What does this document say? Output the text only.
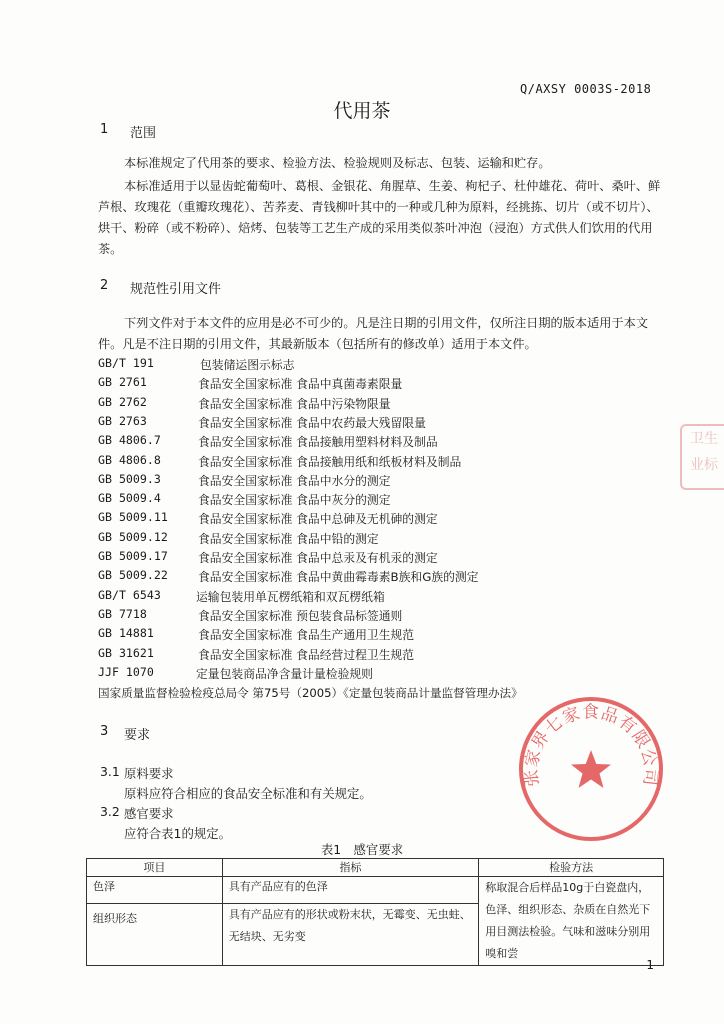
Q/AXSY 0003S-2018
代用茶
1 范围
本标准规定了代用茶的要求、检验方法、检验规则及标志、包装、运输和贮存。
本标准适用于以显齿蛇葡萄叶、葛根、金银花、角腥草、生姜、枸杞子、杜仲雄花、荷叶、桑叶、鲜芦根、玫瑰花（重瓣玫瑰花）、苦荞麦、青钱柳叶其中的一种或几种为原料，经挑拣、切片（或不切片）、烘干、粉碎（或不粉碎）、焙烤、包装等工艺生产成的采用类似茶叶冲泡（浸泡）方式供人们饮用的代用茶。
2 规范性引用文件
下列文件对于本文件的应用是必不可少的。凡是注日期的引用文件，仅所注日期的版本适用于本文件。凡是不注日期的引用文件，其最新版本（包括所有的修改单）适用于本文件。
GB/T 191	包装储运图示标志
GB 2761	食品安全国家标准 食品中真菌毒素限量
GB 2762	食品安全国家标准 食品中污染物限量
GB 2763	食品安全国家标准 食品中农药最大残留限量
GB 4806.7	食品安全国家标准 食品接触用塑料材料及制品
GB 4806.8	食品安全国家标准 食品接触用纸和纸板材料及制品
GB 5009.3	食品安全国家标准 食品中水分的测定
GB 5009.4	食品安全国家标准 食品中灰分的测定
GB 5009.11	食品安全国家标准 食品中总砷及无机砷的测定
GB 5009.12	食品安全国家标准 食品中铅的测定
GB 5009.17	食品安全国家标准 食品中总汞及有机汞的测定
GB 5009.22	食品安全国家标准 食品中黄曲霉毒素B族和G族的测定
GB/T 6543	运输包装用单瓦楞纸箱和双瓦楞纸箱
GB 7718	食品安全国家标准 预包装食品标签通则
GB 14881	食品安全国家标准 食品生产通用卫生规范
GB 31621	食品安全国家标准 食品经营过程卫生规范
JJF 1070	定量包装商品净含量计量检验规则
国家质量监督检验检疫总局令 第75号（2005）《定量包装商品计量监督管理办法》
3 要求
3.1 原料要求
原料应符合相应的食品安全标准和有关规定。
3.2 感官要求
应符合表1的规定。
表1　感官要求
项目	指标	检验方法
色泽	具有产品应有的色泽	称取混合后样品10g于白瓷盘内，色泽、组织形态、杂质在自然光下用目测法检验。气味和滋味分别用嗅和尝
组织形态	具有产品应有的形状或粉末状，无霉变、无虫蛀、无结块、无劣变	
张家界七家食品有限公司
卫生
业标
1
